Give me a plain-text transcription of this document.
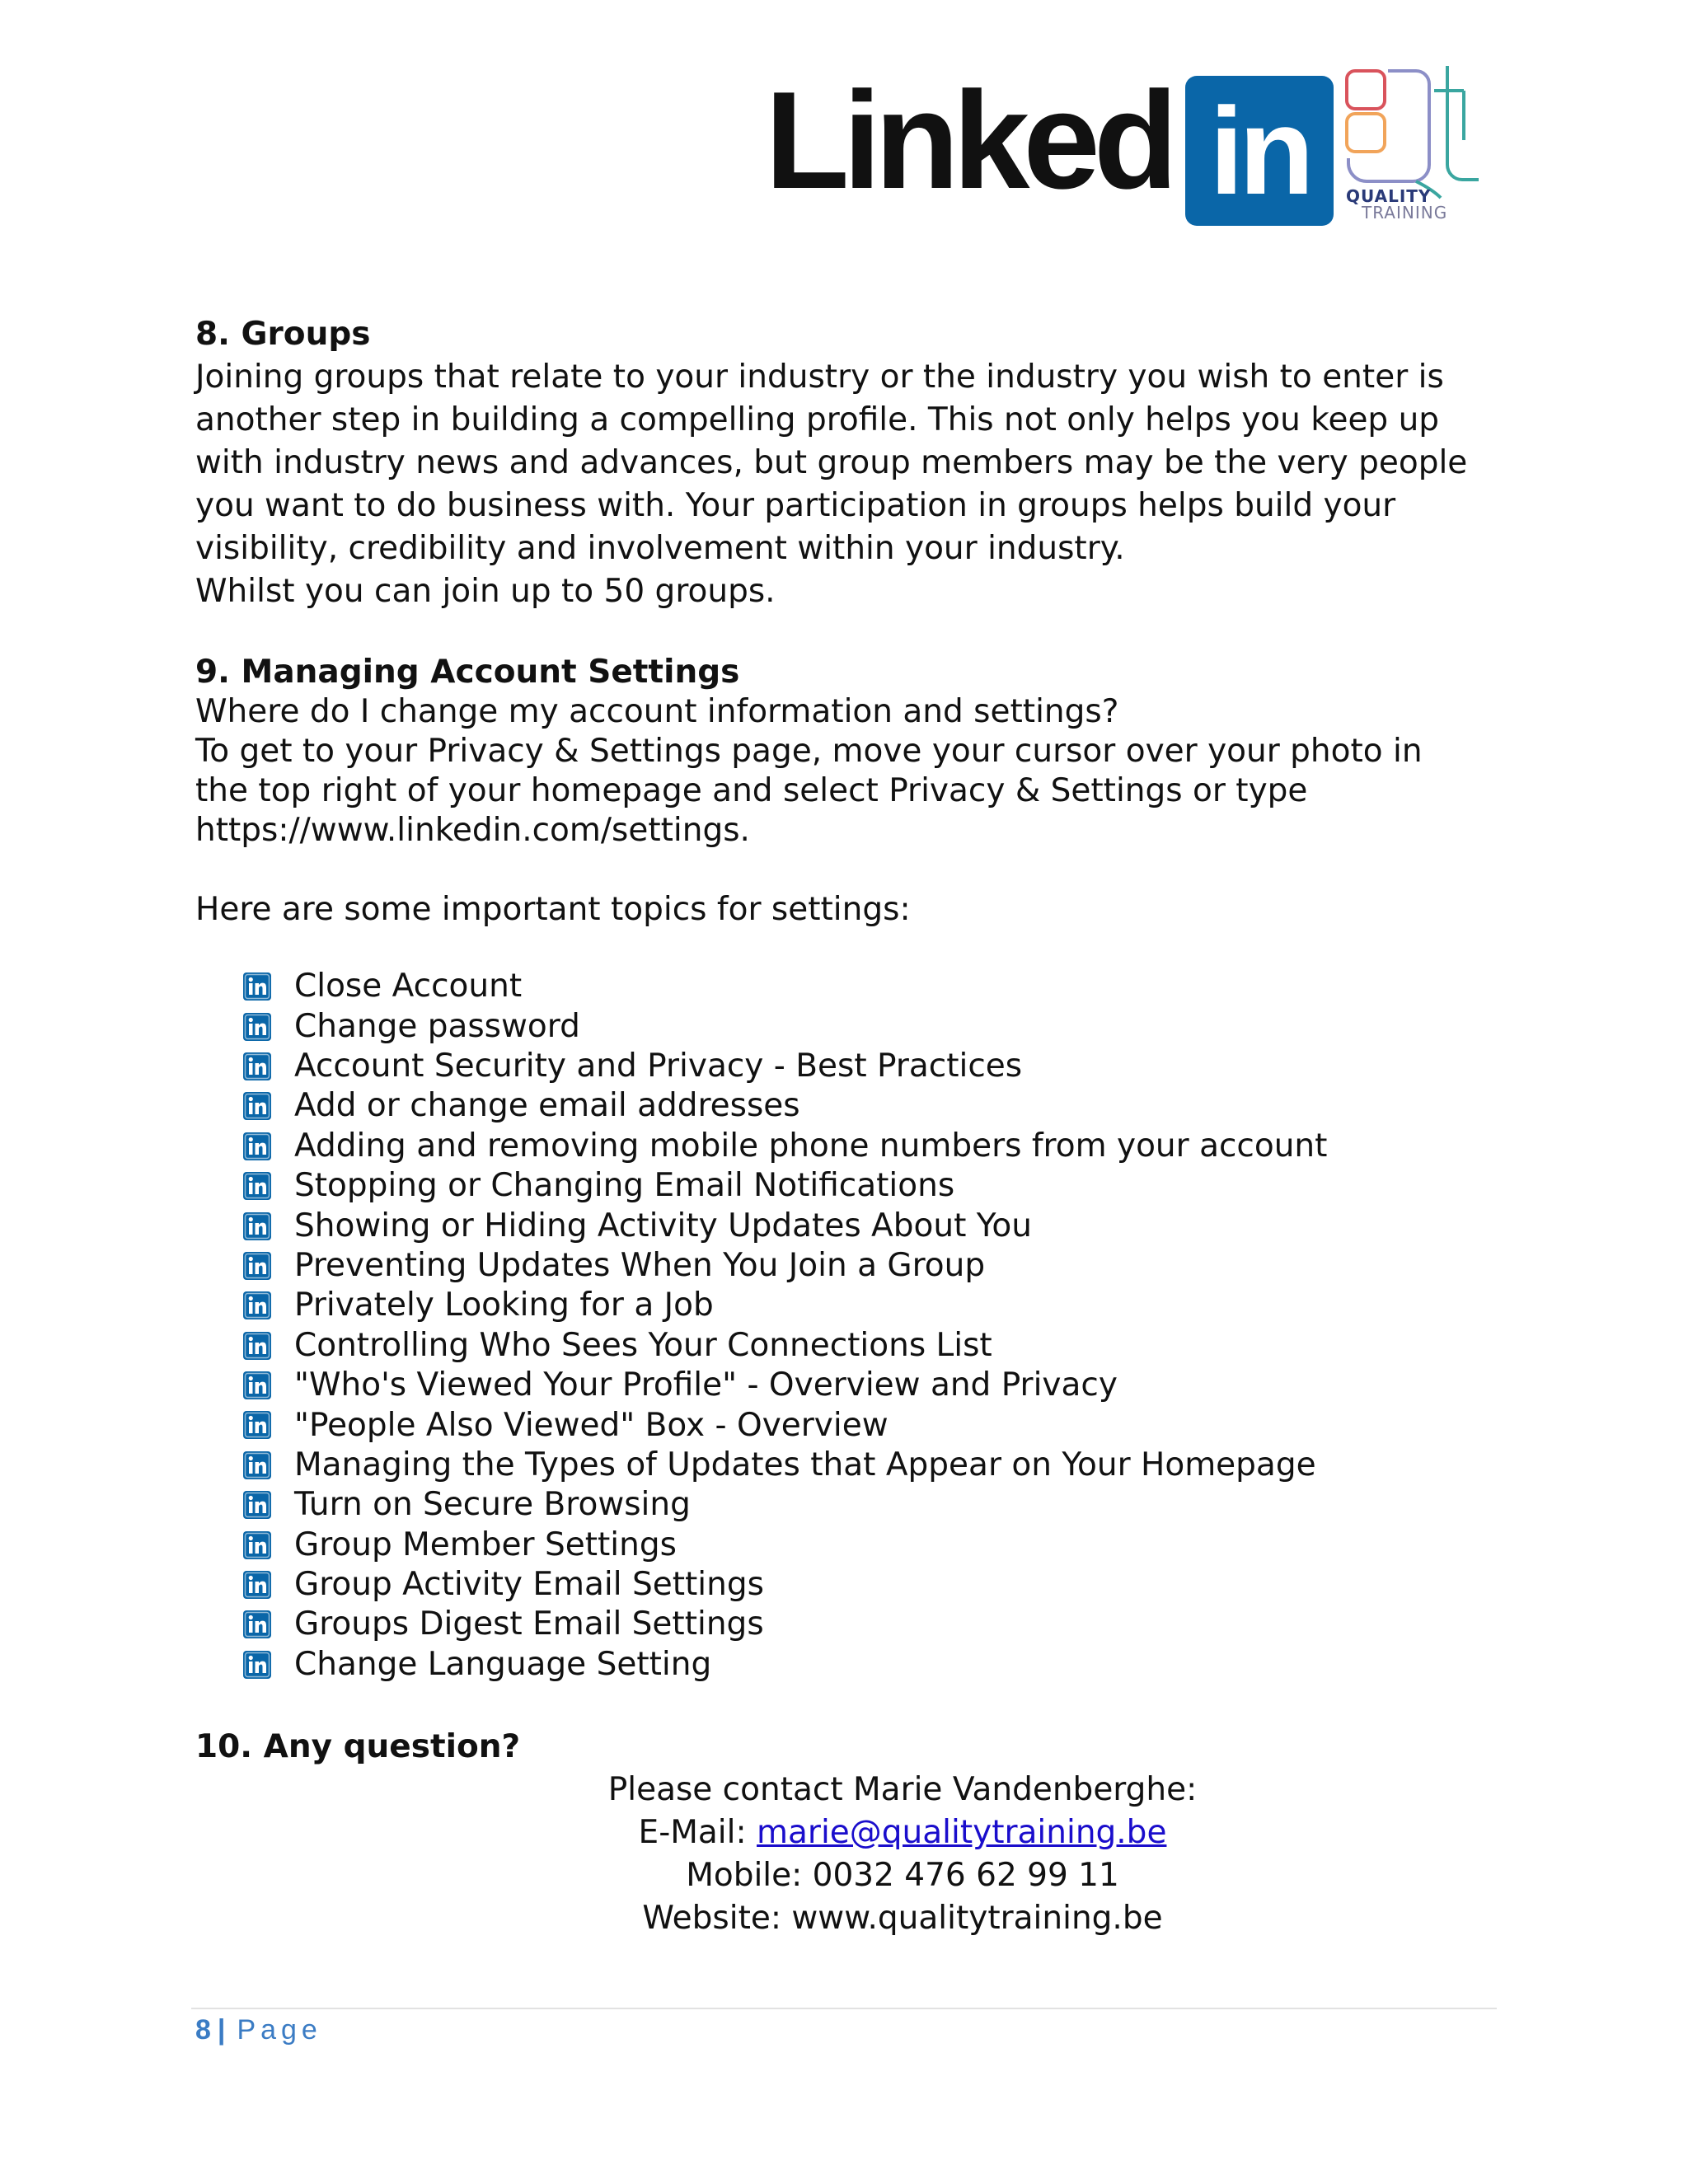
Linked in	QUALITY
TRAINING

8. Groups

Joining groups that relate to your industry or the industry you wish to enter is another step in building a compelling profile. This not only helps you keep up with industry news and advances, but group members may be the very people you want to do business with. Your participation in groups helps build your visibility, credibility and involvement within your industry.

Whilst you can join up to 50 groups.

9. Managing Account Settings

Where do I change my account information and settings?

To get to your Privacy & Settings page, move your cursor over your photo in the top right of your homepage and select Privacy & Settings or type https://www.linkedin.com/settings.

Here are some important topics for settings:

Close Account
Change password
Account Security and Privacy - Best Practices
Add or change email addresses
Adding and removing mobile phone numbers from your account
Stopping or Changing Email Notifications
Showing or Hiding Activity Updates About You
Preventing Updates When You Join a Group
Privately Looking for a Job
Controlling Who Sees Your Connections List
"Who's Viewed Your Profile" - Overview and Privacy
"People Also Viewed" Box - Overview
Managing the Types of Updates that Appear on Your Homepage
Turn on Secure Browsing
Group Member Settings
Group Activity Email Settings
Groups Digest Email Settings
Change Language Setting

10. Any question?

Please contact Marie Vandenberghe:
E-Mail: marie@qualitytraining.be
Mobile: 0032 476 62 99 11
Website: www.qualitytraining.be
8 | Page
